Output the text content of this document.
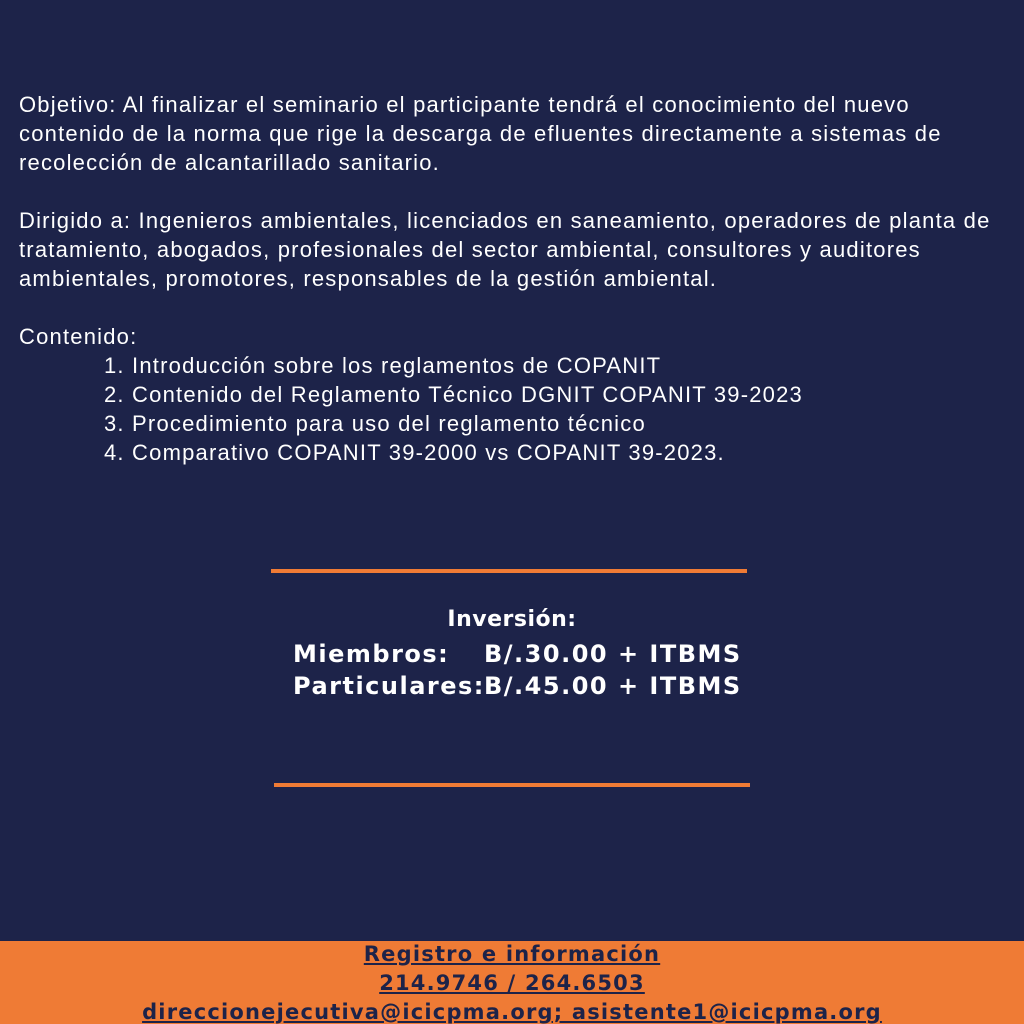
Objetivo: Al finalizar el seminario el participante tendrá el conocimiento del nuevo contenido de la norma que rige la descarga de efluentes directamente a sistemas de recolección de alcantarillado sanitario.

Dirigido a: Ingenieros ambientales, licenciados en saneamiento, operadores de planta de tratamiento, abogados, profesionales del sector ambiental, consultores y auditores ambientales, promotores, responsables de la gestión ambiental.

Contenido:
1. Introducción sobre los reglamentos de COPANIT
2. Contenido del Reglamento Técnico DGNIT COPANIT 39-2023
3. Procedimiento para uso del reglamento técnico
4. Comparativo COPANIT 39-2000 vs COPANIT 39-2023.
Inversión:
Miembros: B/.30.00 + ITBMS
Particulares: B/.45.00 + ITBMS
Registro e información
214.9746 / 264.6503
direccionejecutiva@icicpma.org; asistente1@icicpma.org
